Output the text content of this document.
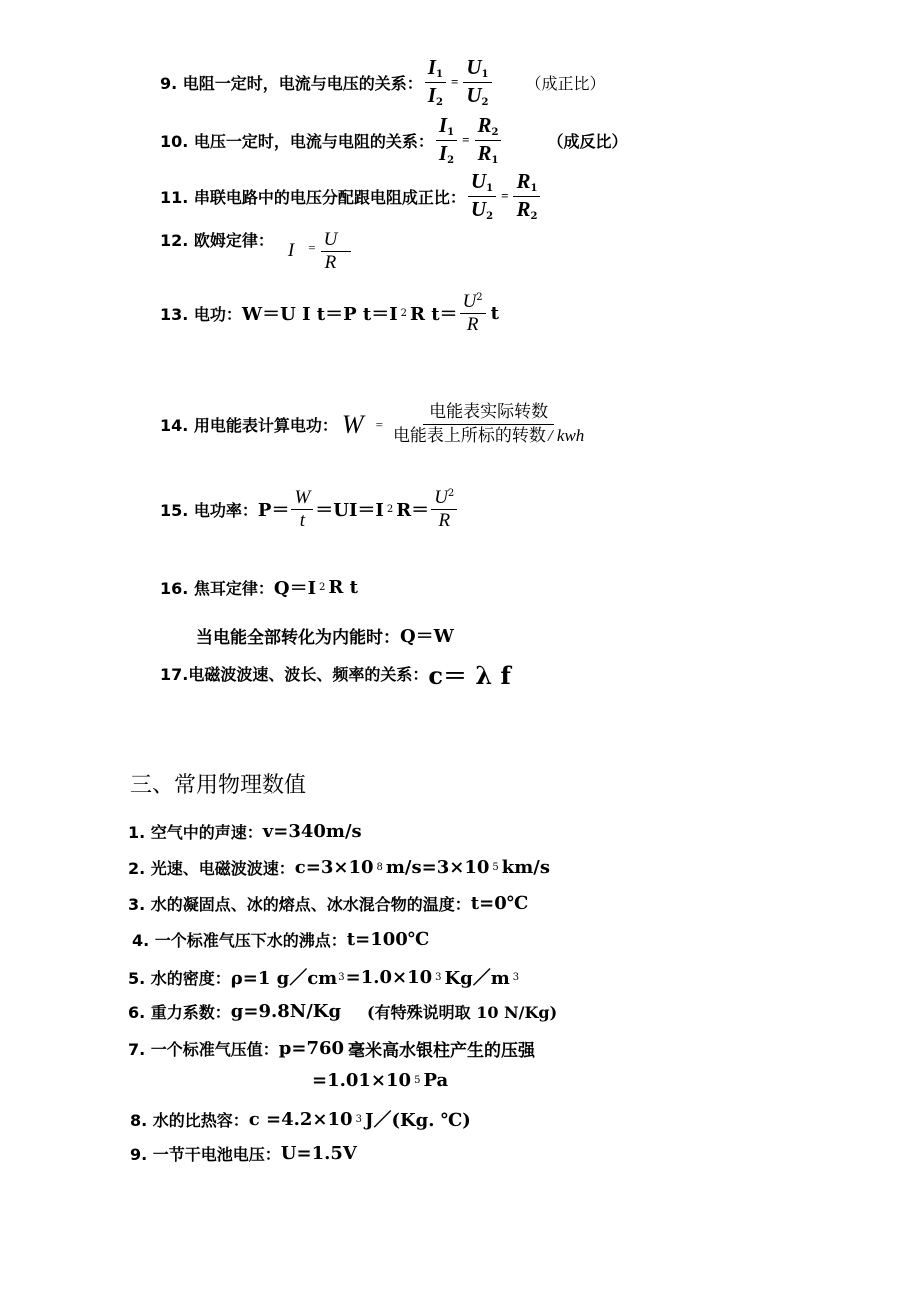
9. 电阻一定时，电流与电压的关系： $\frac{I_1}{I_2} = \frac{U_1}{U_2}$ （成正比）
10. 电压一定时，电流与电阻的关系： $\frac{I_1}{I_2} = \frac{R_2}{R_1}$	（成反比）
11. 串联电路中的电压分配跟电阻成正比： $\frac{U_1}{U_2} = \frac{R_1}{R_2}$
12. 欧姆定律： $I = \frac{U}{R}$
13. 电功： W＝U I t＝P t＝I 2 R $t= \frac{U^2}{R}$ t
14. 用电能表计算电功： $W = \frac{\text{电能表实际转数}}{\text{电能表上所标的转数 / kwh}}$
15. 电功率： $P= \frac{W}{t} =UI=I$ 2 $R= \frac{U^2}{R}$
16. 焦耳定律： Q＝I 2 R t
当电能全部转化为内能时： Q＝W
17.电磁波波速、波长、频率的关系： c＝ λ f
三、常用物理数值
1. 空气中的声速： v=340m/s
2. 光速、电磁波波速： c=3×10 8 m/s=3×10 5 km/s
3. 水的凝固点、冰的熔点、冰水混合物的温度： t=0℃
4. 一个标准气压下水的沸点： t=100℃
5. 水的密度： ρ=1 g／cm 3 =1.0×10 3 Kg／m 3
6. 重力系数： g=9.8N/Kg (有特殊说明取 10 N/Kg)
7. 一个标准气压值： p=760 毫米高水银柱产生的压强
=1.01×10 5 Pa
8. 水的比热容： c =4.2×10 3 J／(Kg. ℃)
9. 一节干电池电压： U=1.5V
